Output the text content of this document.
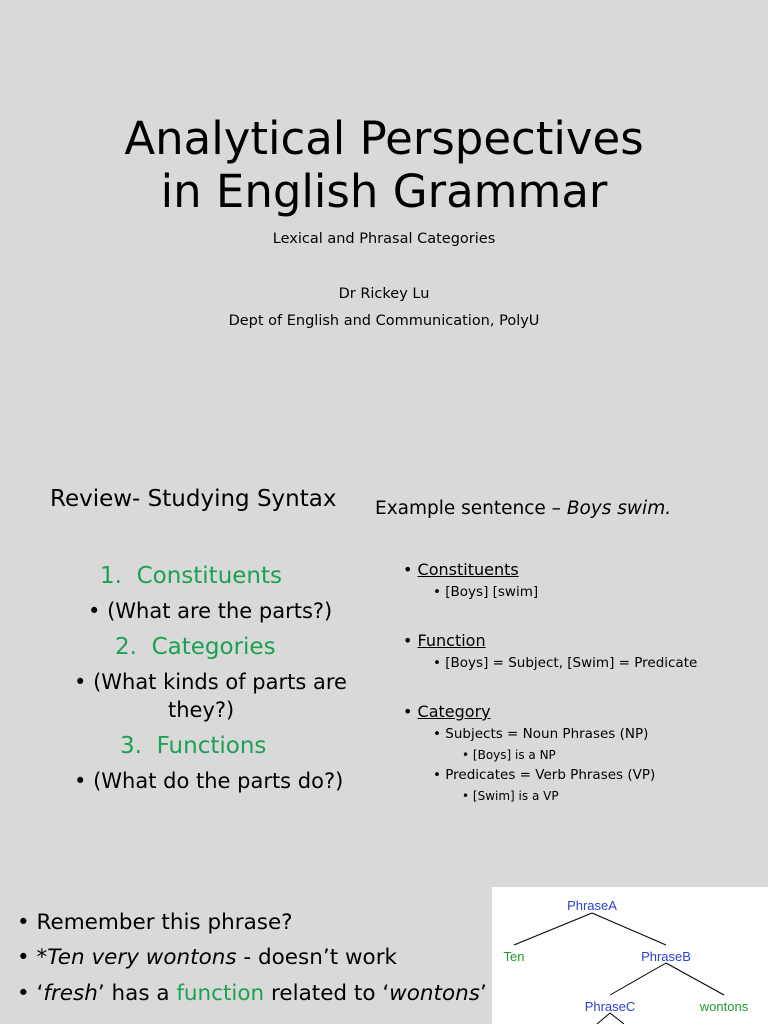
Analytical Perspectives
in English Grammar
Lexical and Phrasal Categories
Dr Rickey Lu
Dept of English and Communication, PolyU
Review- Studying Syntax
1. Constituents
• (What are the parts?)
2. Categories
• (What kinds of parts are
they?)
3. Functions
• (What do the parts do?)
Example sentence – Boys swim.
• Constituents
• [Boys] [swim]
• Function
• [Boys] = Subject, [Swim] = Predicate
• Category
• Subjects = Noun Phrases (NP)
• [Boys] is a NP
• Predicates = Verb Phrases (VP)
• [Swim] is a VP
• Remember this phrase?
• *Ten very wontons - doesn’t work
• ‘fresh’ has a function related to ‘wontons’
PhraseA
Ten	PhraseB
PhraseC	wontons
